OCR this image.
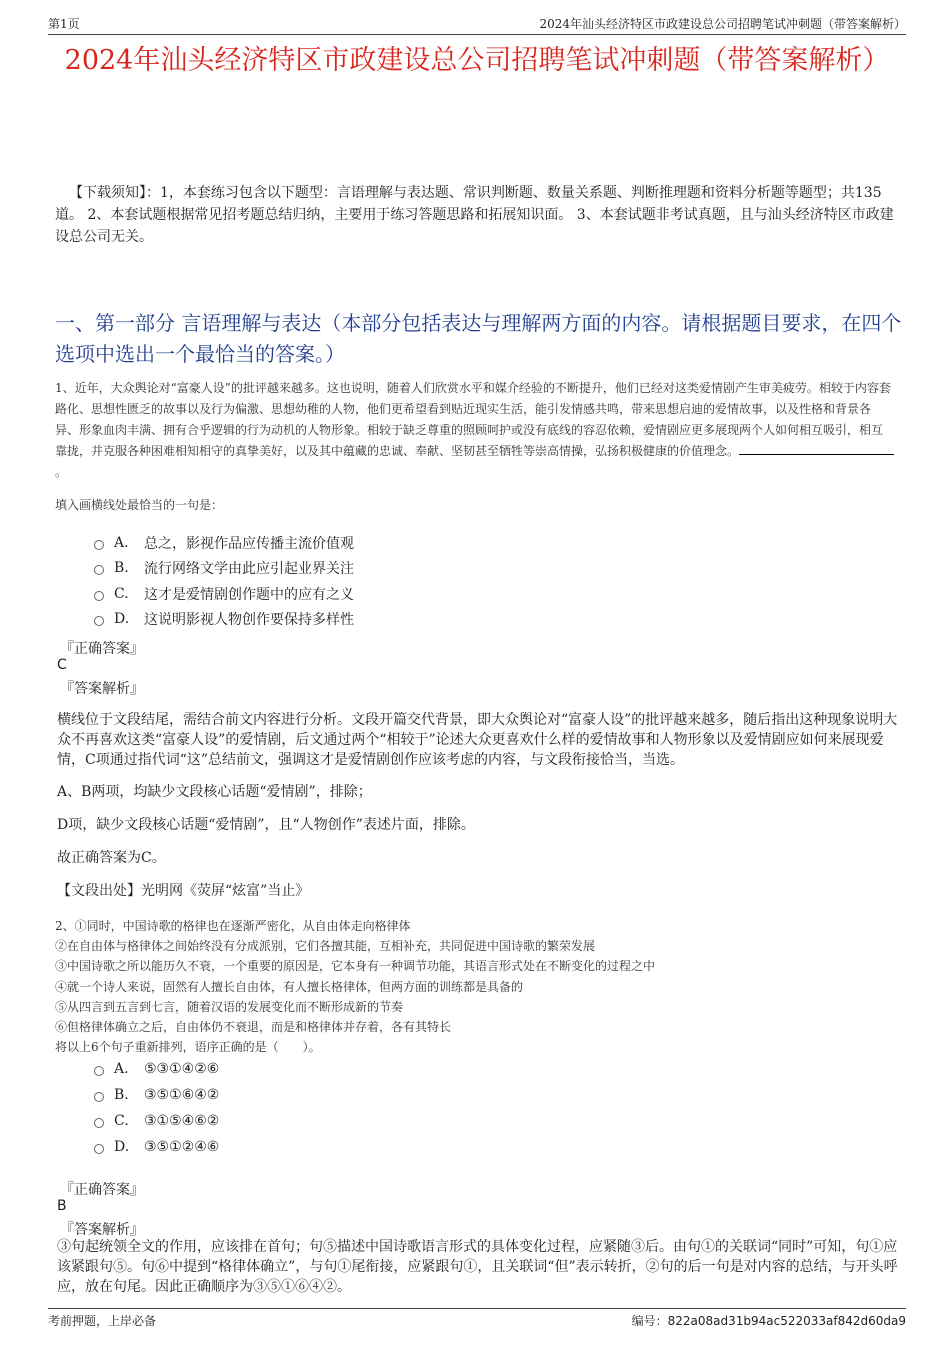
第1页	2024年汕头经济特区市政建设总公司招聘笔试冲刺题（带答案解析）
2024年汕头经济特区市政建设总公司招聘笔试冲刺题（带答案解析）
【下载须知】：1，本套练习包含以下题型：言语理解与表达题、常识判断题、数量关系题、判断推理题和资料分析题等题型；共135道。 2、本套试题根据常见招考题总结归纳，主要用于练习答题思路和拓展知识面。 3、本套试题非考试真题，且与汕头经济特区市政建设总公司无关。
一、第一部分 言语理解与表达（本部分包括表达与理解两方面的内容。请根据题目要求，在四个选项中选出一个最恰当的答案。）
1、近年，大众舆论对“富豪人设”的批评越来越多。这也说明，随着人们欣赏水平和媒介经验的不断提升，他们已经对这类爱情剧产生审美疲劳。相较于内容套路化、思想性匮乏的故事以及行为偏激、思想幼稚的人物，他们更希望看到贴近现实生活，能引发情感共鸣，带来思想启迪的爱情故事，以及性格和背景各异、形象血肉丰满、拥有合乎逻辑的行为动机的人物形象。相较于缺乏尊重的照顾呵护或没有底线的容忍依赖，爱情剧应更多展现两个人如何相互吸引，相互靠拢，并克服各种困难相知相守的真挚美好，以及其中蕴藏的忠诚、奉献、坚韧甚至牺牲等崇高情操，弘扬积极健康的价值理念。。
填入画横线处最恰当的一句是：
A.	总之，影视作品应传播主流价值观
B.	流行网络文学由此应引起业界关注
C.	这才是爱情剧创作题中的应有之义
D.	这说明影视人物创作要保持多样性
『正确答案』
C
『答案解析』
横线位于文段结尾，需结合前文内容进行分析。文段开篇交代背景，即大众舆论对“富豪人设”的批评越来越多，随后指出这种现象说明大众不再喜欢这类“富豪人设”的爱情剧，后文通过两个“相较于”论述大众更喜欢什么样的爱情故事和人物形象以及爱情剧应如何来展现爱情，C项通过指代词“这”总结前文，强调这才是爱情剧创作应该考虑的内容，与文段衔接恰当，当选。
A、B两项，均缺少文段核心话题“爱情剧”，排除；
D项，缺少文段核心话题“爱情剧”，且“人物创作”表述片面，排除。
故正确答案为C。
【文段出处】光明网《荧屏“炫富”当止》
2、①同时，中国诗歌的格律也在逐渐严密化，从自由体走向格律体
②在自由体与格律体之间始终没有分成派别，它们各擅其能，互相补充，共同促进中国诗歌的繁荣发展
③中国诗歌之所以能历久不衰，一个重要的原因是，它本身有一种调节功能，其语言形式处在不断变化的过程之中
④就一个诗人来说，固然有人擅长自由体，有人擅长格律体，但两方面的训练都是具备的
⑤从四言到五言到七言，随着汉语的发展变化而不断形成新的节奏
⑥但格律体确立之后，自由体仍不衰退，而是和格律体并存着，各有其特长
将以上6个句子重新排列，语序正确的是（　　）。
A.	⑤③①④②⑥
B.	③⑤①⑥④②
C.	③①⑤④⑥②
D.	③⑤①②④⑥
『正确答案』
B
『答案解析』
③句起统领全文的作用，应该排在首句；句⑤描述中国诗歌语言形式的具体变化过程，应紧随③后。由句①的关联词“同时”可知，句①应该紧跟句⑤。句⑥中提到“格律体确立”，与句①尾衔接，应紧跟句①，且关联词“但”表示转折，②句的后一句是对内容的总结，与开头呼应，放在句尾。因此正确顺序为③⑤①⑥④②。
考前押题，上岸必备	编号：822a08ad31b94ac522033af842d60da9
